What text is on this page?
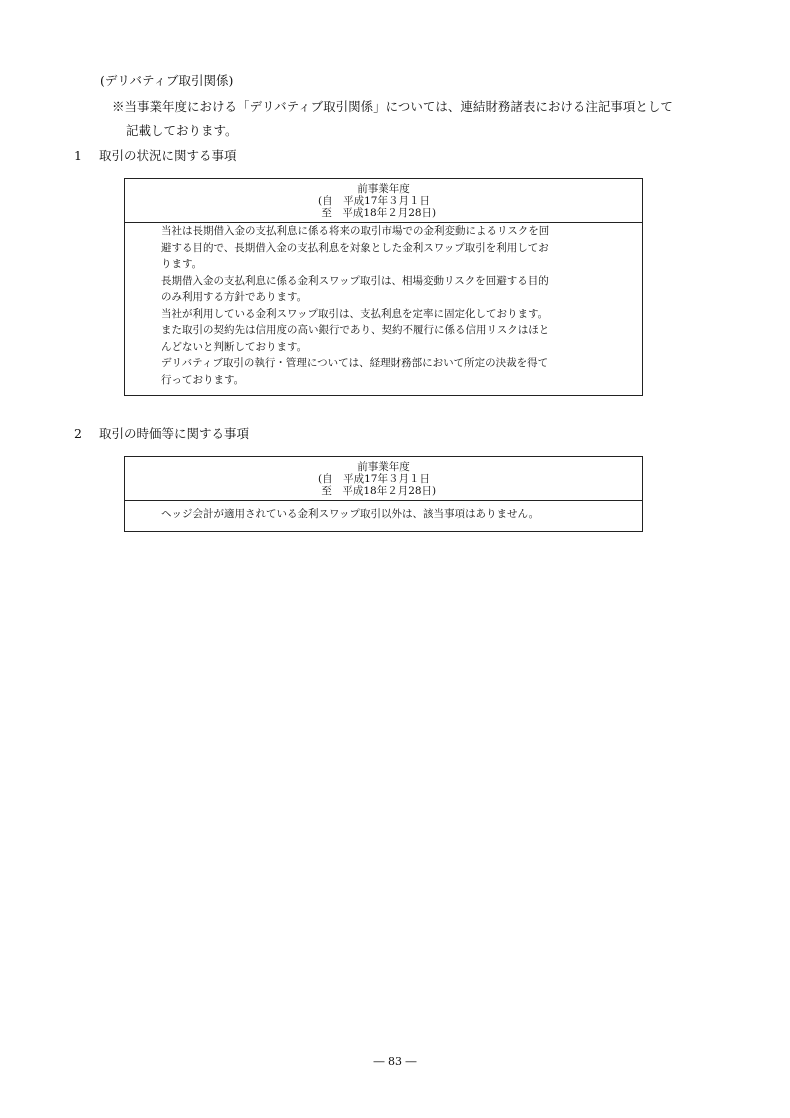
(デリバティブ取引関係)
※当事業年度における「デリバティブ取引関係」については、連結財務諸表における注記事項として
記載しております。
1 取引の状況に関する事項
前事業年度
(自　平成17年３月１日
至　平成18年２月28日)
当社は長期借入金の支払利息に係る将来の取引市場での金利変動によるリスクを回
避する目的で、長期借入金の支払利息を対象とした金利スワップ取引を利用してお
ります。
長期借入金の支払利息に係る金利スワップ取引は、相場変動リスクを回避する目的
のみ利用する方針であります。
当社が利用している金利スワップ取引は、支払利息を定率に固定化しております。
また取引の契約先は信用度の高い銀行であり、契約不履行に係る信用リスクはほと
んどないと判断しております。
デリバティブ取引の執行・管理については、経理財務部において所定の決裁を得て
行っております。
2 取引の時価等に関する事項
前事業年度
(自　平成17年３月１日
至　平成18年２月28日)
ヘッジ会計が適用されている金利スワップ取引以外は、該当事項はありません。
― 83 ―
